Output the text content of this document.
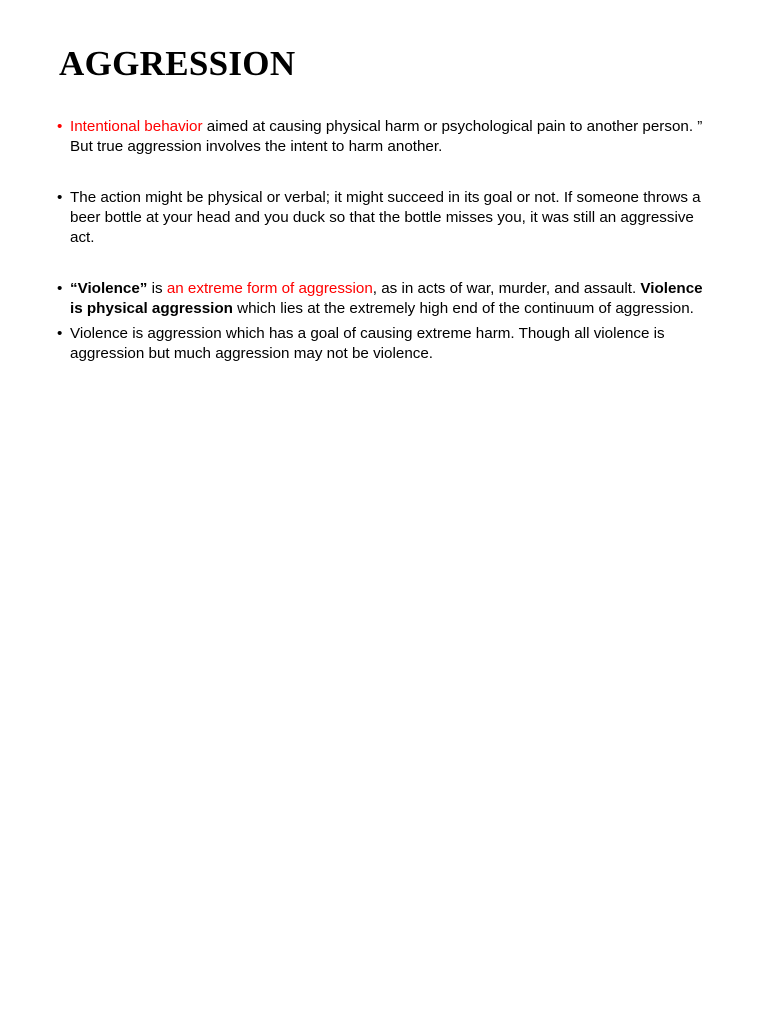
AGGRESSION
• Intentional behavior aimed at causing physical harm or psychological pain to another person. ” But true aggression involves the intent to harm another.
• The action might be physical or verbal; it might succeed in its goal or not. If someone throws a beer bottle at your head and you duck so that the bottle misses you, it was still an aggressive act.
• “Violence” is an extreme form of aggression, as in acts of war, murder, and assault. Violence is physical aggression which lies at the extremely high end of the continuum of aggression.
• Violence is aggression which has a goal of causing extreme harm. Though all violence is aggression but much aggression may not be violence.
